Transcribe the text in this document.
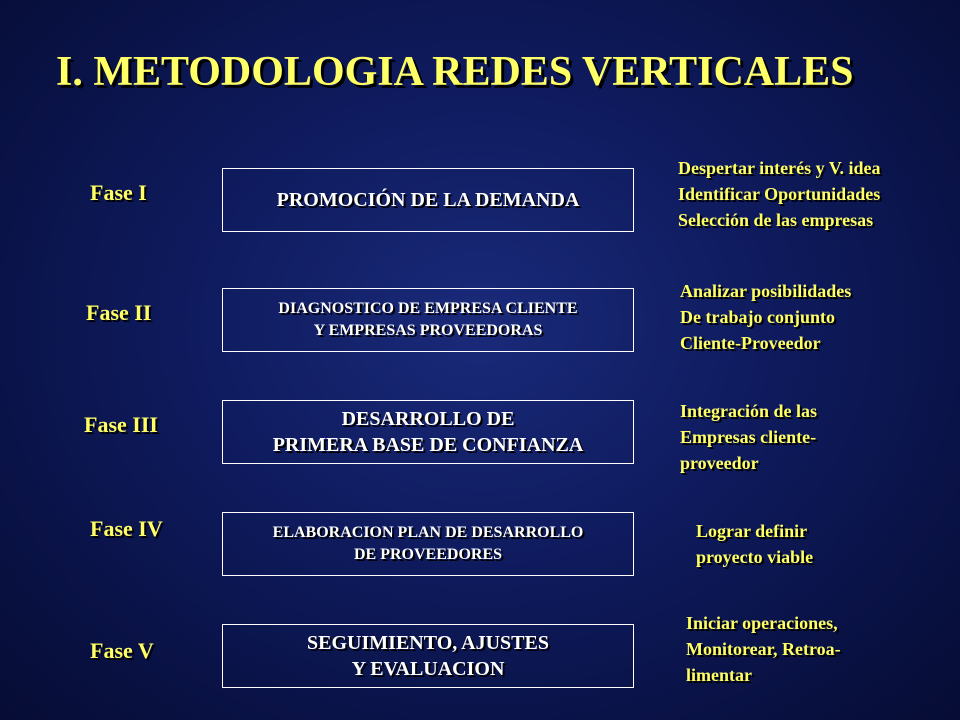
I. METODOLOGIA REDES VERTICALES
Fase I	PROMOCIÓN DE LA DEMANDA
Despertar interés y V. idea
Identificar Oportunidades
Selección de las empresas
Fase II	DIAGNOSTICO DE EMPRESA CLIENTE
Y EMPRESAS PROVEEDORAS
Analizar posibilidades
De trabajo conjunto
Cliente-Proveedor
Fase III	DESARROLLO DE
PRIMERA BASE DE CONFIANZA
Integración de las
Empresas cliente-
proveedor
Fase IV	ELABORACION PLAN DE DESARROLLO
DE PROVEEDORES
Lograr definir
proyecto viable
Fase V	SEGUIMIENTO, AJUSTES
Y EVALUACION
Iniciar operaciones,
Monitorear, Retroa-
limentar
